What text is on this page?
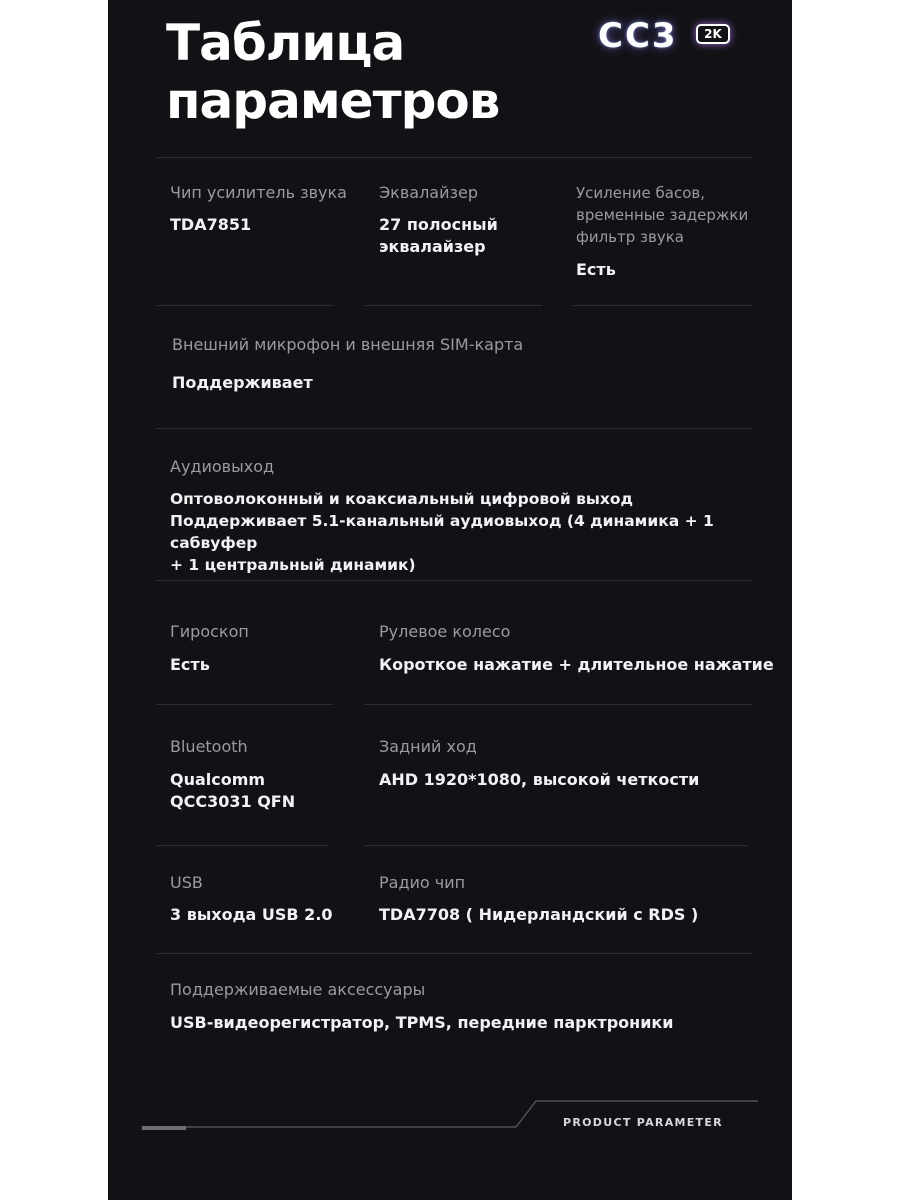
Таблица
параметров
CC3	2K

Чип усилитель звука

TDA7851

Эквалайзер

27 полосный
эквалайзер

Усиление басов,
временные задержки
фильтр звука

Есть

Внешний микрофон и внешняя SIM-карта

Поддерживает

Аудиовыход

Оптоволоконный и коаксиальный цифровой выход
Поддерживает 5.1-канальный аудиовыход (4 динамика + 1 сабвуфер
+ 1 центральный динамик)

Гироскоп

Есть

Рулевое колесо

Короткое нажатие + длительное нажатие

Bluetooth

Qualcomm
QCC3031 QFN

Задний ход

AHD 1920*1080, высокой четкости

USB

3 выхода USB 2.0

Радио чип

TDA7708 ( Нидерландский с RDS )

Поддерживаемые аксессуары

USB-видеорегистратор, TPMS, передние парктроники

PRODUCT PARAMETER
